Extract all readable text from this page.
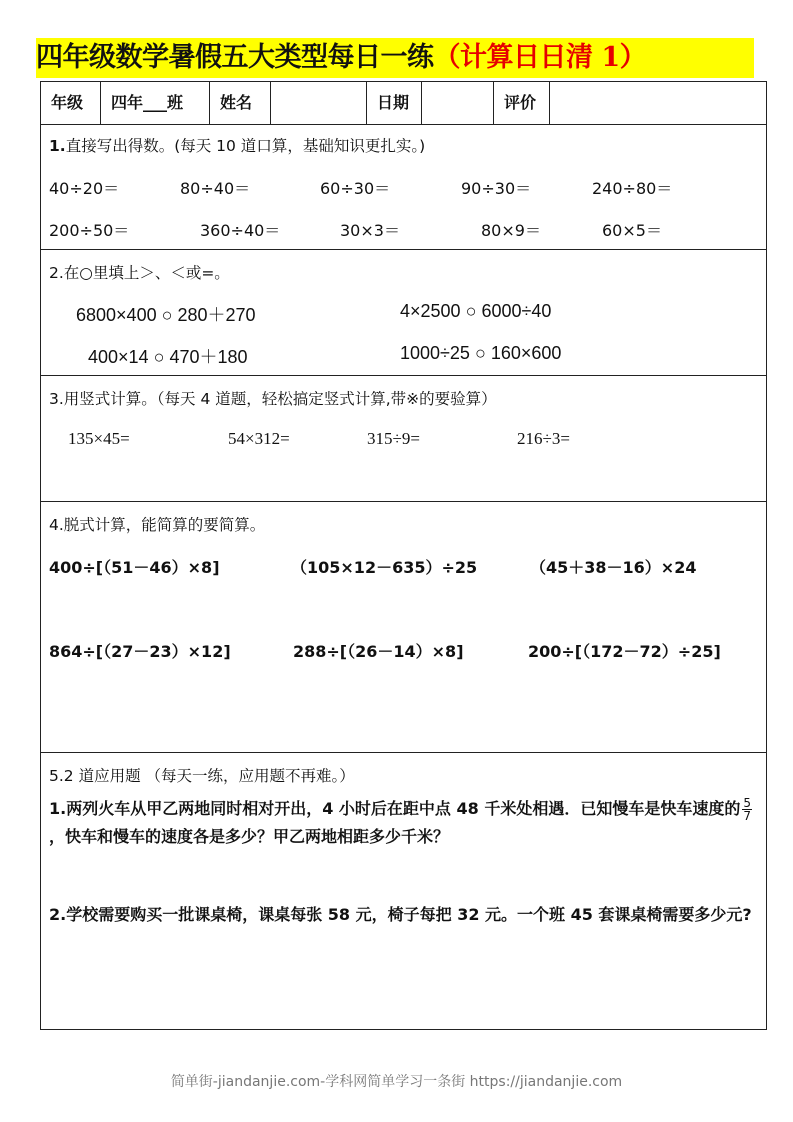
四年级数学暑假五大类型每日一练（计算日日清 1）
年级	四年___班	姓名	日期	评价
1.直接写出得数。(每天 10 道口算，基础知识更扎实。)
40÷20＝	80÷40＝	60÷30＝	90÷30＝	240÷80＝
200÷50＝	360÷40＝	30×3＝	80×9＝	60×5＝
2.在○里填上＞、＜或=。
6800×400 ○ 280＋270	4×2500 ○ 6000÷40
400×14 ○ 470＋180	1000÷25 ○ 160×600
3.用竖式计算。（每天 4 道题，轻松搞定竖式计算,带※的要验算）
135×45=	54×312=	315÷9=	216÷3=
4.脱式计算，能简算的要简算。
400÷[（51－46）×8]	（105×12－635）÷25	（45＋38－16）×24
864÷[（27－23）×12]	288÷[（26－14）×8]	200÷[（172－72）÷25]
5.2 道应用题 （每天一练，应用题不再难。）
1.两列火车从甲乙两地同时相对开出，4 小时后在距中点 48 千米处相遇．已知慢车是快车速度的 $\frac{5}{7}$
，快车和慢车的速度各是多少？甲乙两地相距多少千米？
2.学校需要购买一批课桌椅，课桌每张 58 元，椅子每把 32 元。一个班 45 套课桌椅需要多少元?
简单街-jiandanjie.com-学科网简单学习一条街 https://jiandanjie.com
